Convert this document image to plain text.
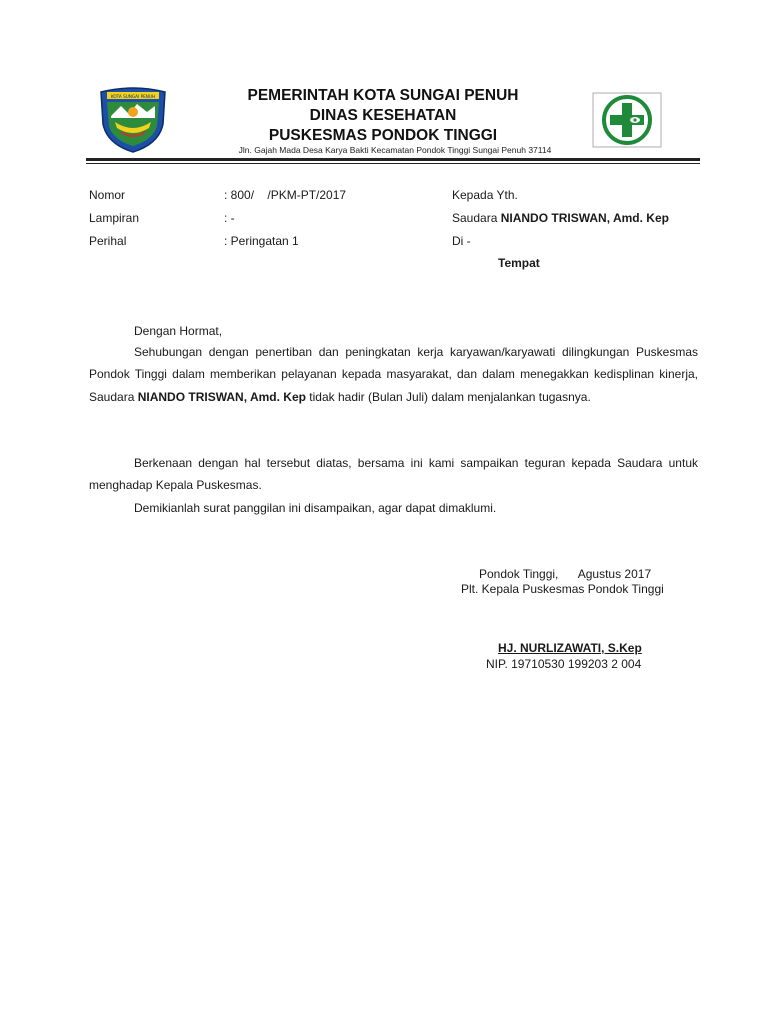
KOTA SUNGAI PENUH	PEMERINTAH KOTA SUNGAI PENUH
DINAS KESEHATAN
PUSKESMAS PONDOK TINGGI
Jln. Gajah Mada Desa Karya Bakti Kecamatan Pondok Tinggi Sungai Penuh 37114
Nomor	: 800/    /PKM-PT/2017	Kepada Yth.
Lampiran	: -	Saudara NIANDO TRISWAN, Amd. Kep
Perihal	: Peringatan 1	Di -
Tempat
Dengan Hormat,
Sehubungan dengan penertiban dan peningkatan kerja karyawan/karyawati dilingkungan Puskesmas Pondok Tinggi dalam memberikan pelayanan kepada masyarakat, dan dalam menegakkan kedisplinan kinerja, Saudara NIANDO TRISWAN, Amd. Kep tidak hadir (Bulan Juli) dalam menjalankan tugasnya.
Berkenaan dengan hal tersebut diatas, bersama ini kami sampaikan teguran kepada Saudara untuk menghadap Kepala Puskesmas.
Demikianlah surat panggilan ini disampaikan, agar dapat dimaklumi.
Pondok Tinggi,      Agustus 2017
Plt. Kepala Puskesmas Pondok Tinggi
HJ. NURLIZAWATI, S.Kep
NIP. 19710530 199203 2 004
